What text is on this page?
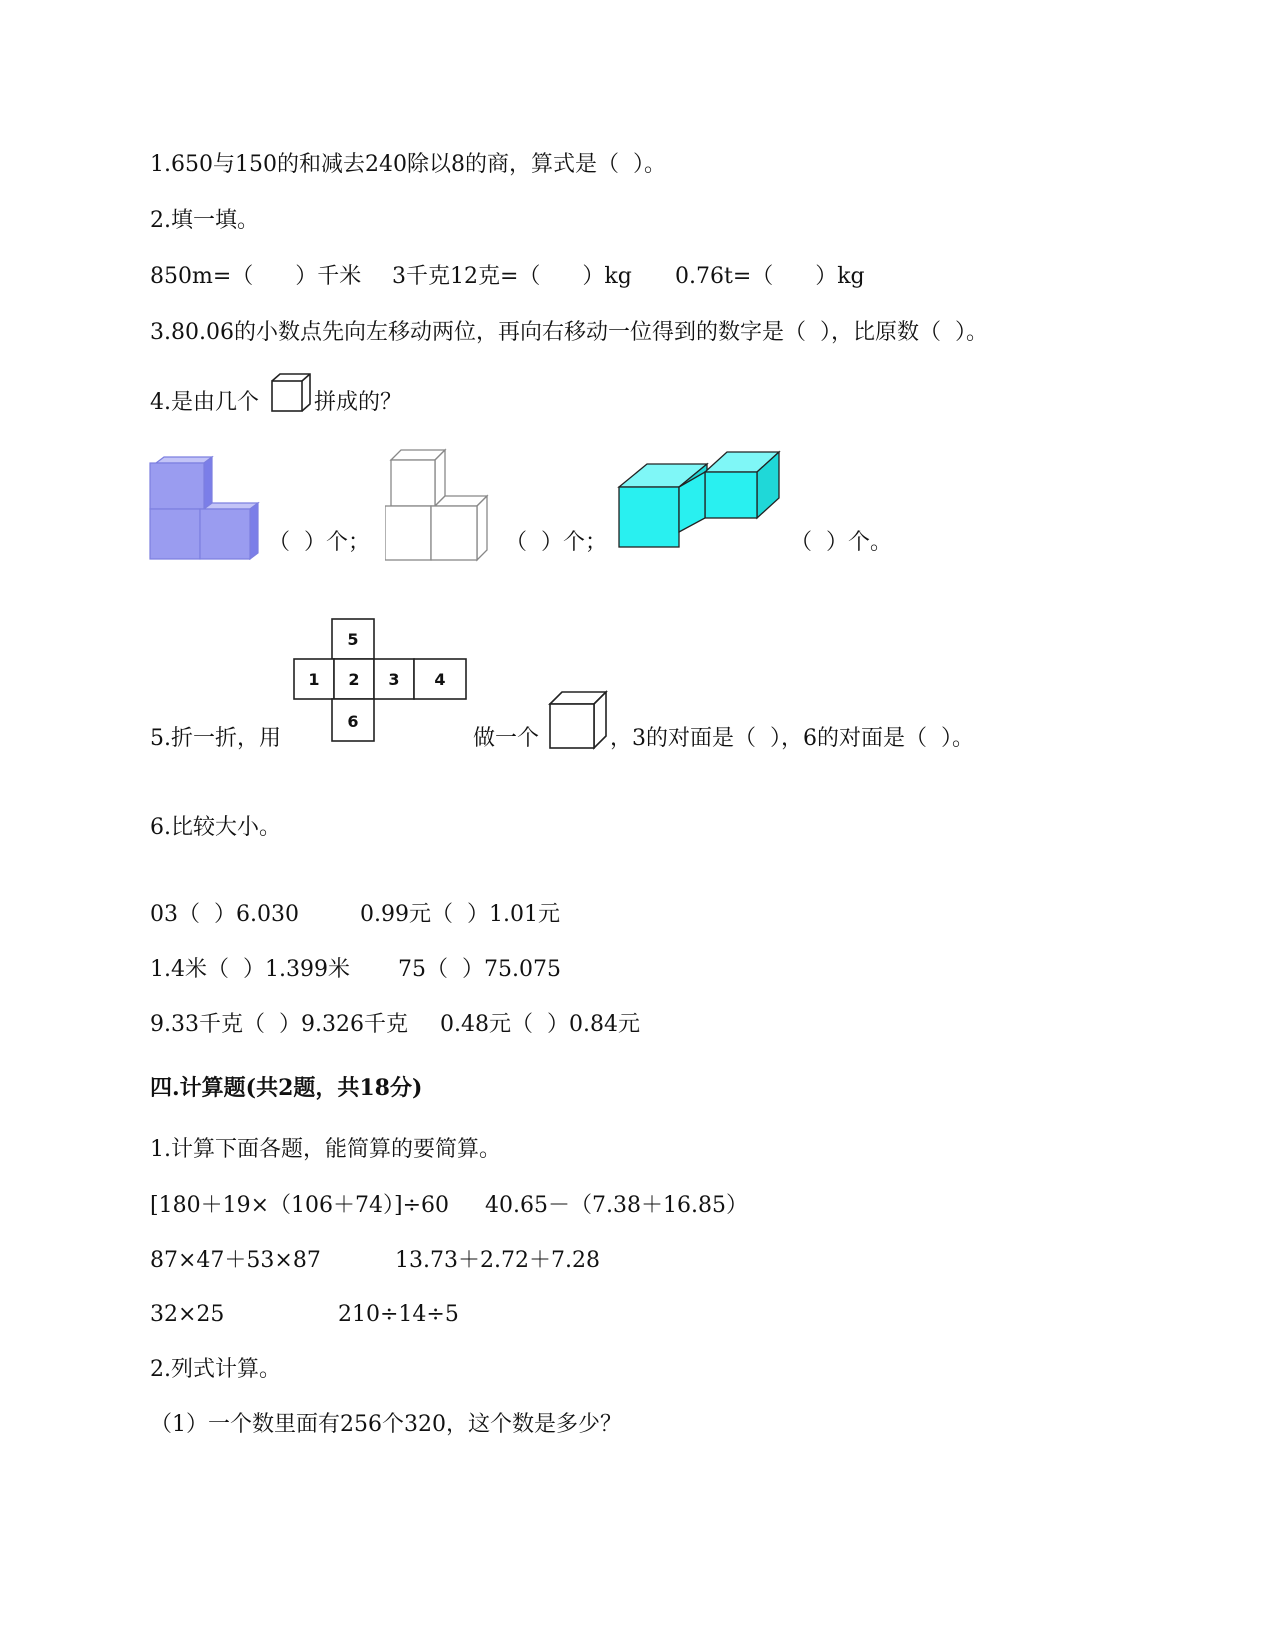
1.650与150的和减去240除以8的商，算式是（  ）。
2.填一填。
850m=（      ）千米 3千克12克=（      ）kg 0.76t=（      ）kg
3.80.06的小数点先向左移动两位，再向右移动一位得到的数字是（  ），比原数（  ）。
4.是由几个	拼成的？
（  ）个；	（  ）个；	（  ）个。
5
1 2 3 4
6
5.折一折，用	做一个	，3的对面是（  ），6的对面是（  ）。
6.比较大小。
03（  ）6.030	0.99元（  ）1.01元
1.4米（  ）1.399米 75（  ）75.075
9.33千克（  ）9.326千克 0.48元（  ）0.84元
四.计算题(共2题，共18分)
1.计算下面各题，能简算的要简算。
[180＋19×（106＋74）]÷60 40.65－（7.38＋16.85）
87×47＋53×87	13.73＋2.72＋7.28
32×25	210÷14÷5
2.列式计算。
（1）一个数里面有256个320，这个数是多少？
